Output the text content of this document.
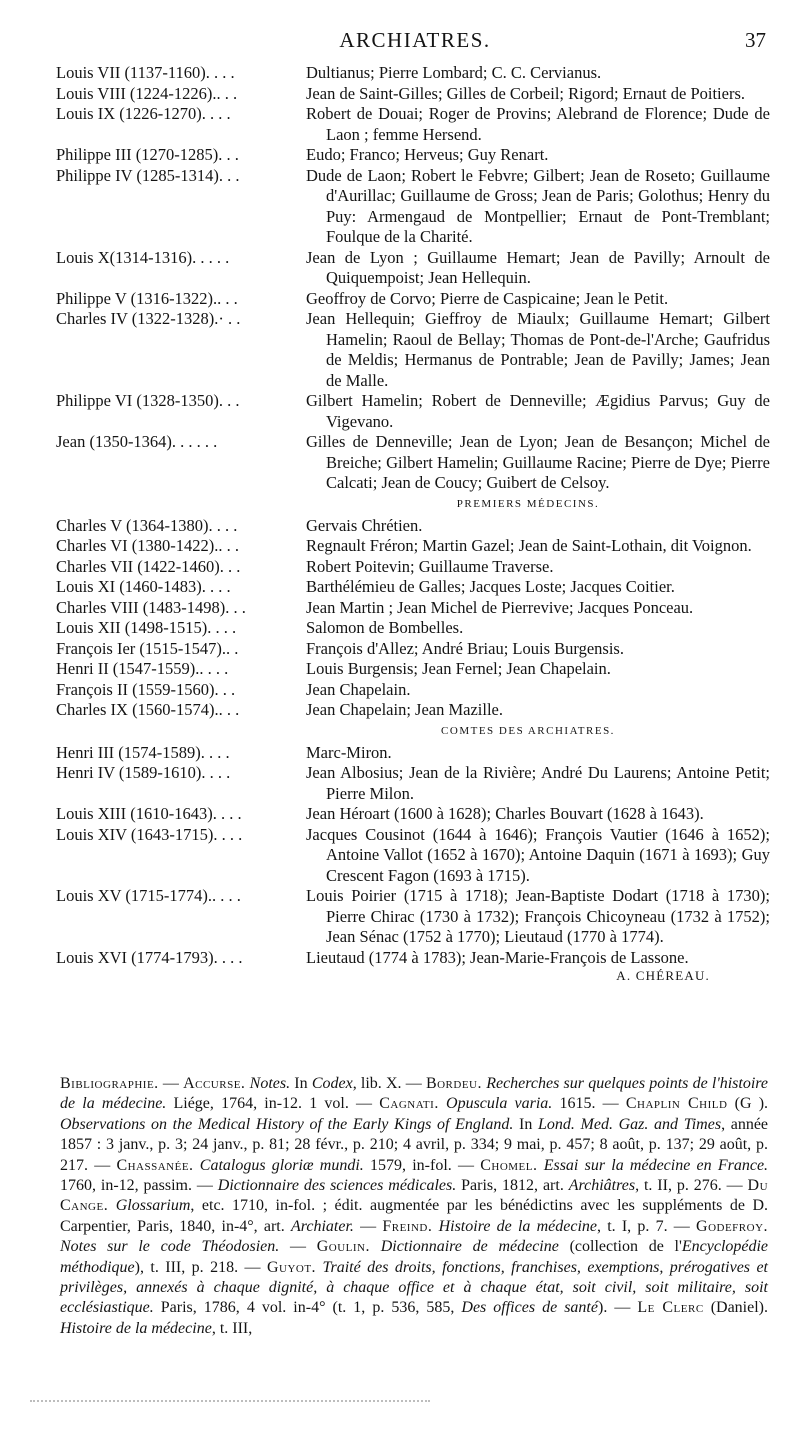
ARCHIATRES.	37
Louis VII (1137-1160). . . .	Dultianus; Pierre Lombard; C. C. Cervianus.
Louis VIII (1224-1226).. . .	Jean de Saint-Gilles; Gilles de Corbeil; Rigord; Ernaut de Poitiers.
Louis IX (1226-1270). . . .	Robert de Douai; Roger de Provins; Alebrand de Florence; Dude de Laon ; femme Hersend.
Philippe III (1270-1285). . .	Eudo; Franco; Herveus; Guy Renart.
Philippe IV (1285-1314). . .	Dude de Laon; Robert le Febvre; Gilbert; Jean de Roseto; Guillaume d'Aurillac; Guillaume de Gross; Jean de Paris; Golothus; Henry du Puy: Armengaud de Montpellier; Ernaut de Pont-Tremblant; Foulque de la Charité.
Louis X(1314-1316). . . . .	Jean de Lyon ; Guillaume Hemart; Jean de Pavilly; Arnoult de Quiquempoist; Jean Hellequin.
Philippe V (1316-1322).. . .	Geoffroy de Corvo; Pierre de Caspicaine; Jean le Petit.
Charles IV (1322-1328).· . .	Jean Hellequin; Gieffroy de Miaulx; Guillaume Hemart; Gilbert Hamelin; Raoul de Bellay; Thomas de Pont-de-l'Arche; Gaufridus de Meldis; Hermanus de Pontrable; Jean de Pavilly; James; Jean de Malle.
Philippe VI (1328-1350). . .	Gilbert Hamelin; Robert de Denneville; Ægidius Parvus; Guy de Vigevano.
Jean (1350-1364). . . . . .	Gilles de Denneville; Jean de Lyon; Jean de Besançon; Michel de Breiche; Gilbert Hamelin; Guillaume Racine; Pierre de Dye; Pierre Calcati; Jean de Coucy; Guibert de Celsoy.
PREMIERS MÉDECINS.
Charles V (1364-1380). . . .	Gervais Chrétien.
Charles VI (1380-1422).. . .	Regnault Fréron; Martin Gazel; Jean de Saint-Lothain, dit Voignon.
Charles VII (1422-1460). . .	Robert Poitevin; Guillaume Traverse.
Louis XI (1460-1483). . . .	Barthélémieu de Galles; Jacques Loste; Jacques Coitier.
Charles VIII (1483-1498). . .	Jean Martin ; Jean Michel de Pierrevive; Jacques Ponceau.
Louis XII (1498-1515). . . .	Salomon de Bombelles.
François Ier (1515-1547).. .	François d'Allez; André Briau; Louis Burgensis.
Henri II (1547-1559).. . . .	Louis Burgensis; Jean Fernel; Jean Chapelain.
François II (1559-1560). . .	Jean Chapelain.
Charles IX (1560-1574).. . .	Jean Chapelain; Jean Mazille.
COMTES DES ARCHIATRES.
Henri III (1574-1589). . . .	Marc-Miron.
Henri IV (1589-1610). . . .	Jean Albosius; Jean de la Rivière; André Du Laurens; Antoine Petit; Pierre Milon.
Louis XIII (1610-1643). . . .	Jean Héroart (1600 à 1628); Charles Bouvart (1628 à 1643).
Louis XIV (1643-1715). . . .	Jacques Cousinot (1644 à 1646); François Vautier (1646 à 1652); Antoine Vallot (1652 à 1670); Antoine Daquin (1671 à 1693); Guy Crescent Fagon (1693 à 1715).
Louis XV (1715-1774).. . . .	Louis Poirier (1715 à 1718); Jean-Baptiste Dodart (1718 à 1730); Pierre Chirac (1730 à 1732); François Chicoyneau (1732 à 1752); Jean Sénac (1752 à 1770); Lieutaud (1770 à 1774).
Louis XVI (1774-1793). . . .	Lieutaud (1774 à 1783); Jean-Marie-François de Lassone.
A. CHÉREAU.
Bibliographie. — Accurse. Notes. In Codex, lib. X. — Bordeu. Recherches sur quelques points de l'histoire de la médecine. Liége, 1764, in-12. 1 vol. — Cagnati. Opuscula varia. 1615. — Chaplin Child (G ). Observations on the Medical History of the Early Kings of England. In Lond. Med. Gaz. and Times, année 1857 : 3 janv., p. 3; 24 janv., p. 81; 28 févr., p. 210; 4 avril, p. 334; 9 mai, p. 457; 8 août, p. 137; 29 août, p. 217. — Chassanée. Catalogus gloriæ mundi. 1579, in-fol. — Chomel. Essai sur la médecine en France. 1760, in-12, passim. — Dictionnaire des sciences médicales. Paris, 1812, art. Archiâtres, t. II, p. 276. — Du Cange. Glossarium, etc. 1710, in-fol. ; édit. augmentée par les bénédictins avec les suppléments de D. Carpentier, Paris, 1840, in-4°, art. Archiater. — Freind. Histoire de la médecine, t. I, p. 7. — Godefroy. Notes sur le code Théodosien. — Goulin. Dictionnaire de médecine (collection de l'Encyclopédie méthodique), t. III, p. 218. — Guyot. Traité des droits, fonctions, franchises, exemptions, prérogatives et privilèges, annexés à chaque dignité, à chaque office et à chaque état, soit civil, soit militaire, soit ecclésiastique. Paris, 1786, 4 vol. in-4° (t. 1, p. 536, 585, Des offices de santé). — Le Clerc (Daniel). Histoire de la médecine, t. III,
